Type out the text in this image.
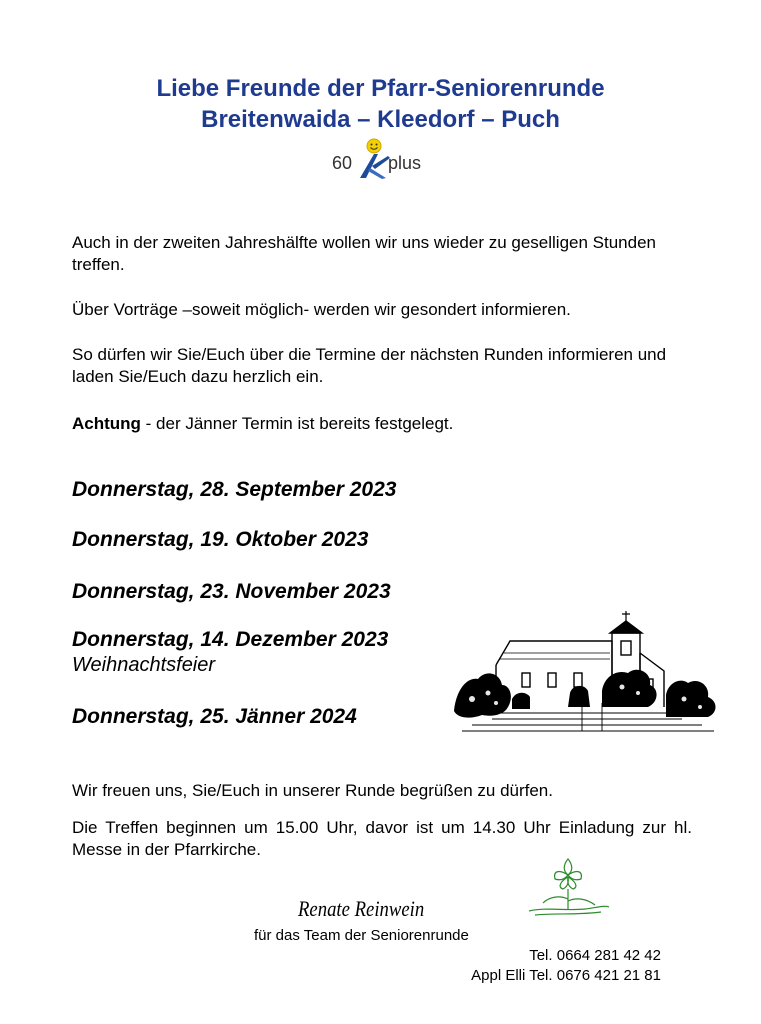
Liebe Freunde der Pfarr-Seniorenrunde
Breitenwaida – Kleedorf – Puch
60 plus
Auch in der zweiten Jahreshälfte wollen wir uns wieder zu geselligen Stunden treffen.
Über Vorträge –soweit möglich- werden wir gesondert informieren.
So dürfen wir Sie/Euch über die Termine der nächsten Runden informieren und laden Sie/Euch dazu herzlich ein.
Achtung - der Jänner Termin ist bereits festgelegt.
Donnerstag, 28. September 2023
Donnerstag, 19. Oktober 2023
Donnerstag, 23. November 2023
Donnerstag, 14. Dezember 2023
Weihnachtsfeier
Donnerstag, 25. Jänner 2024
Wir freuen uns, Sie/Euch in unserer Runde begrüßen zu dürfen.
Die Treffen beginnen um 15.00 Uhr, davor ist um 14.30 Uhr Einladung zur hl. Messe in der Pfarrkirche.
Renate Reinwein
für das Team der Seniorenrunde
Tel. 0664 281 42 42
Appl Elli Tel. 0676 421 21 81
